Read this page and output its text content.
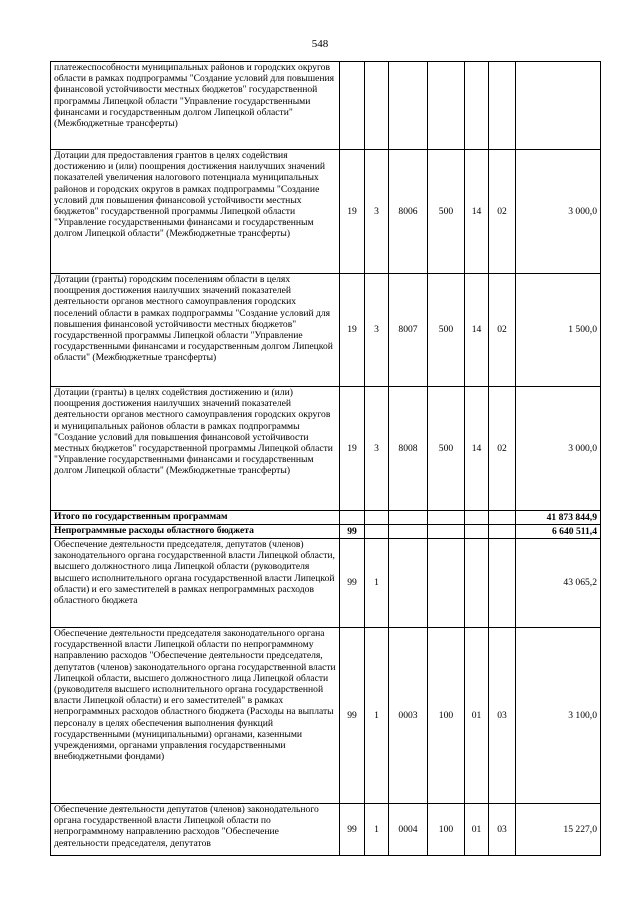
548
платежеспособности муниципальных районов и городских округов области в рамках подпрограммы "Создание условий для повышения финансовой устойчивости местных бюджетов" государственной программы Липецкой области "Управление государственными финансами и государственным долгом Липецкой области" (Межбюджетные трансферты)							
Дотации для предоставления грантов в целях содействия достижению и (или) поощрения достижения наилучших значений показателей увеличения налогового потенциала муниципальных районов и городских округов в рамках подпрограммы "Создание условий для повышения финансовой устойчивости местных бюджетов" государственной программы Липецкой области "Управление государственными финансами и государственным долгом Липецкой области" (Межбюджетные трансферты)	19	3	8006	500	14	02	3 000,0
Дотации (гранты) городским поселениям области в целях поощрения достижения наилучших значений показателей деятельности органов местного самоуправления городских поселений области в рамках подпрограммы "Создание условий для повышения финансовой устойчивости местных бюджетов" государственной программы Липецкой области "Управление государственными финансами и государственным долгом Липецкой области" (Межбюджетные трансферты)	19	3	8007	500	14	02	1 500,0
Дотации (гранты) в целях содействия достижению и (или) поощрения достижения наилучших значений показателей деятельности органов местного самоуправления городских округов и муниципальных районов области в рамках подпрограммы "Создание условий для повышения финансовой устойчивости местных бюджетов" государственной программы Липецкой области "Управление государственными финансами и государственным долгом Липецкой области" (Межбюджетные трансферты)	19	3	8008	500	14	02	3 000,0
Итого по государственным программам							41 873 844,9
Непрограммные расходы областного бюджета	99						6 640 511,4
Обеспечение деятельности председателя, депутатов (членов) законодательного органа государственной власти Липецкой области, высшего должностного лица Липецкой области (руководителя высшего исполнительного органа государственной власти Липецкой области) и его заместителей в рамках непрограммных расходов областного бюджета	99	1					43 065,2
Обеспечение деятельности председателя законодательного органа государственной власти Липецкой области по непрограммному направлению расходов "Обеспечение деятельности председателя, депутатов (членов) законодательного органа государственной власти Липецкой области, высшего должностного лица Липецкой области (руководителя высшего исполнительного органа государственной власти Липецкой области) и его заместителей" в рамках непрограммных расходов областного бюджета (Расходы на выплаты персоналу в целях обеспечения выполнения функций государственными (муниципальными) органами, казенными учреждениями, органами управления государственными внебюджетными фондами)	99	1	0003	100	01	03	3 100,0
Обеспечение деятельности депутатов (членов) законодательного органа государственной власти Липецкой области по непрограммному направлению расходов "Обеспечение деятельности председателя, депутатов	99	1	0004	100	01	03	15 227,0
